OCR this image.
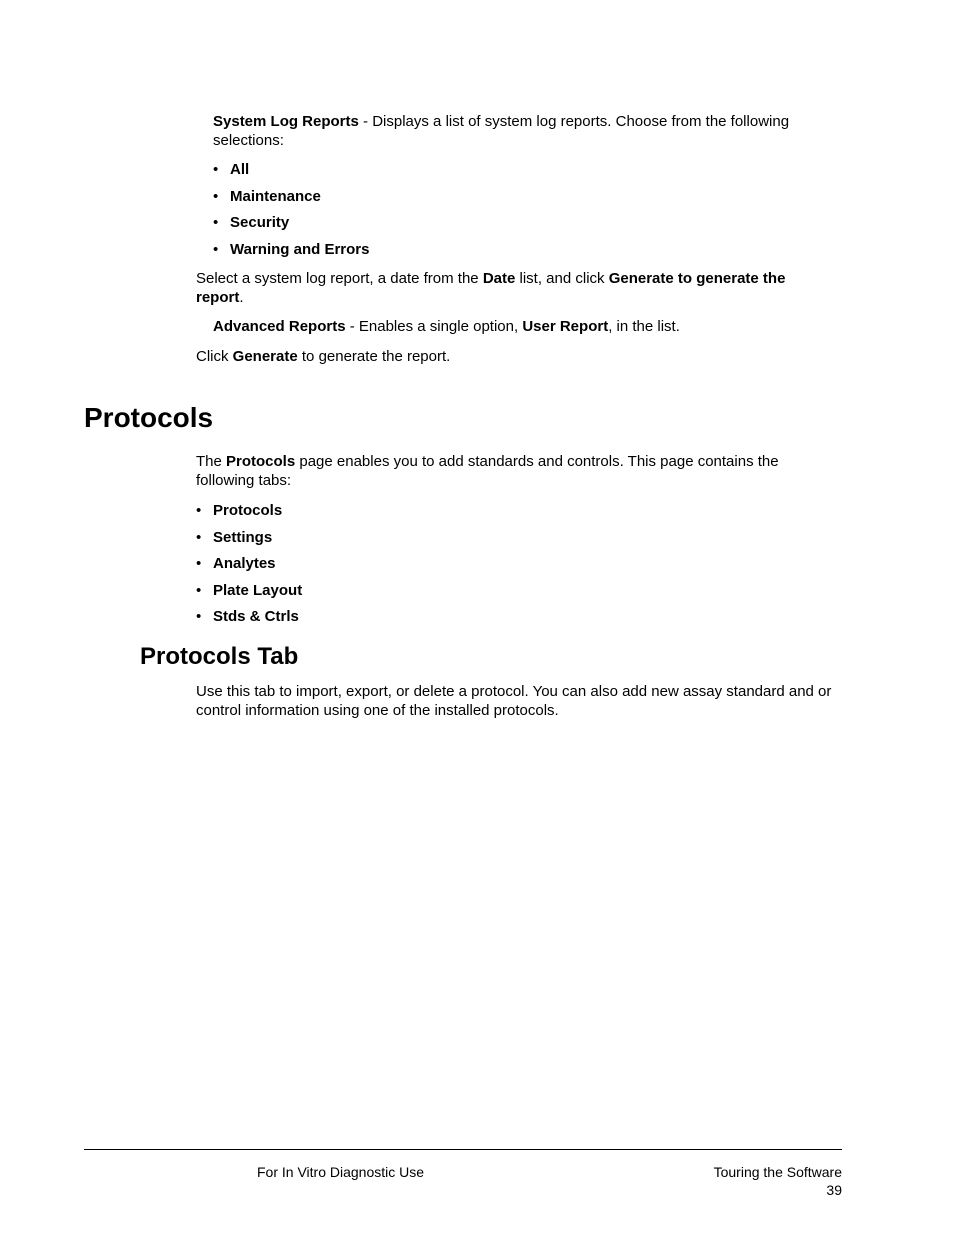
System Log Reports - Displays a list of system log reports. Choose from the following selections:
• All
• Maintenance
• Security
• Warning and Errors
Select a system log report, a date from the Date list, and click Generate to generate the report.
Advanced Reports - Enables a single option, User Report, in the list.
Click Generate to generate the report.
Protocols
The Protocols page enables you to add standards and controls. This page contains the following tabs:
• Protocols
• Settings
• Analytes
• Plate Layout
• Stds & Ctrls
Protocols Tab
Use this tab to import, export, or delete a protocol. You can also add new assay standard and or control information using one of the installed protocols.
For In Vitro Diagnostic Use	Touring the Software
39
